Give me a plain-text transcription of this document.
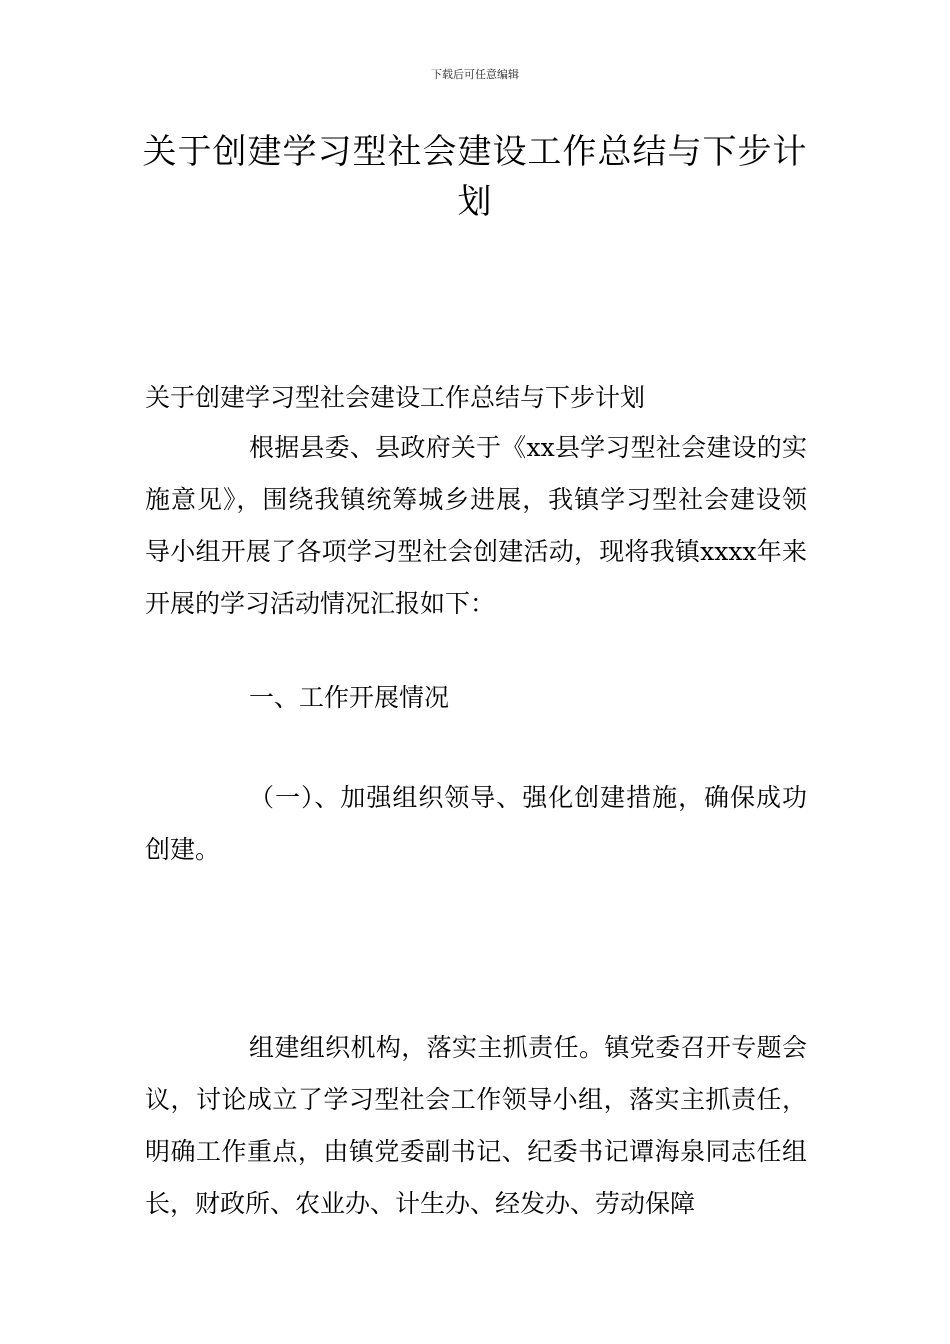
下载后可任意编辑
关于创建学习型社会建设工作总结与下步计划
关于创建学习型社会建设工作总结与下步计划
根据县委、县政府关于《xx县学习型社会建设的实施意见》，围绕我镇统筹城乡进展，我镇学习型社会建设领导小组开展了各项学习型社会创建活动，现将我镇xxxx年来开展的学习活动情况汇报如下：
一、工作开展情况
（一）、加强组织领导、强化创建措施，确保成功创建。
组建组织机构，落实主抓责任。镇党委召开专题会议，讨论成立了学习型社会工作领导小组，落实主抓责任，明确工作重点，由镇党委副书记、纪委书记谭海泉同志任组长，财政所、农业办、计生办、经发办、劳动保障
